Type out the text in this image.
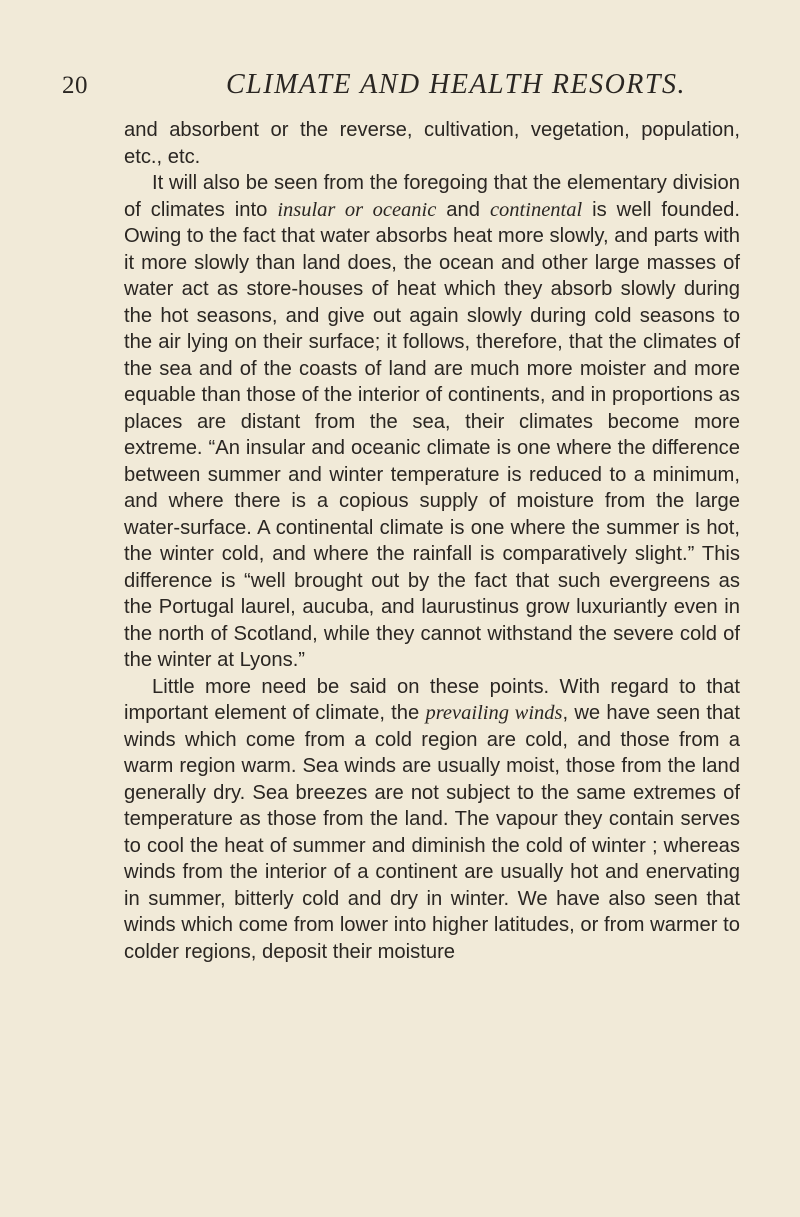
20	CLIMATE AND HEALTH RESORTS.

and absorbent or the reverse, cultivation, vegetation, population, etc., etc.

It will also be seen from the foregoing that the elementary division of climates into insular or oceanic and continental is well founded. Owing to the fact that water absorbs heat more slowly, and parts with it more slowly than land does, the ocean and other large masses of water act as store-houses of heat which they absorb slowly during the hot seasons, and give out again slowly during cold seasons to the air lying on their surface; it follows, therefore, that the climates of the sea and of the coasts of land are much more moister and more equable than those of the interior of continents, and in proportions as places are distant from the sea, their climates become more extreme. “An insular and oceanic climate is one where the difference between summer and winter temperature is reduced to a minimum, and where there is a copious supply of moisture from the large water-surface. A continental climate is one where the summer is hot, the winter cold, and where the rainfall is comparatively slight.” This difference is “well brought out by the fact that such evergreens as the Portugal laurel, aucuba, and laurustinus grow luxuriantly even in the north of Scotland, while they cannot withstand the severe cold of the winter at Lyons.”

Little more need be said on these points. With regard to that important element of climate, the prevailing winds, we have seen that winds which come from a cold region are cold, and those from a warm region warm. Sea winds are usually moist, those from the land generally dry. Sea breezes are not subject to the same extremes of temperature as those from the land. The vapour they contain serves to cool the heat of summer and diminish the cold of winter ; whereas winds from the interior of a continent are usually hot and enervating in summer, bitterly cold and dry in winter. We have also seen that winds which come from lower into higher latitudes, or from warmer to colder regions, deposit their moisture
